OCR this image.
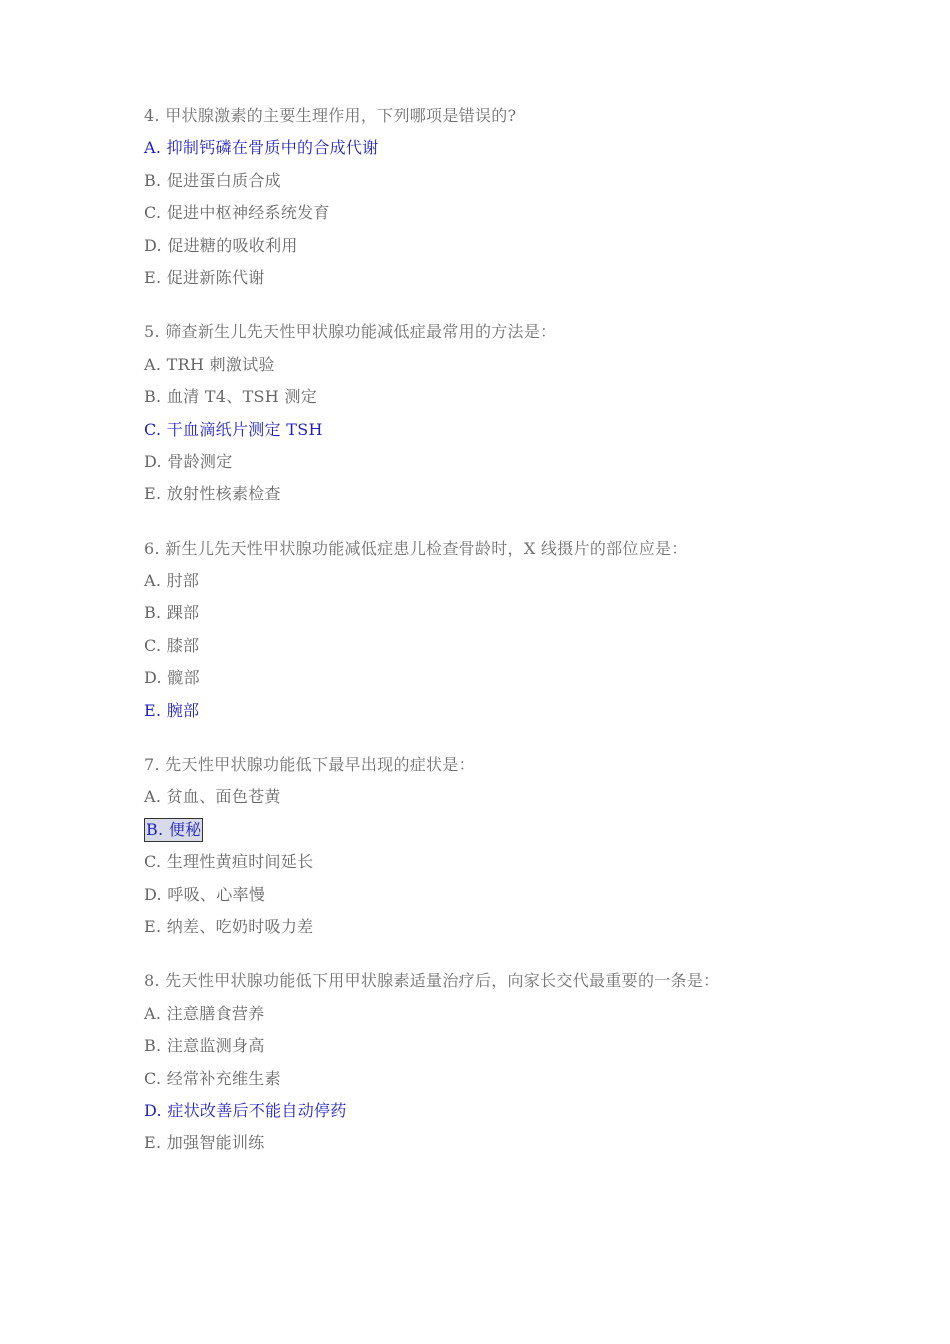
4. 甲状腺激素的主要生理作用，下列哪项是错误的?
A. 抑制钙磷在骨质中的合成代谢
B. 促进蛋白质合成
C. 促进中枢神经系统发育
D. 促进糖的吸收利用
E. 促进新陈代谢
5. 筛查新生儿先天性甲状腺功能减低症最常用的方法是：
A. TRH 刺激试验
B. 血清 T4、TSH 测定
C. 干血滴纸片测定 TSH
D. 骨龄测定
E. 放射性核素检查
6. 新生儿先天性甲状腺功能减低症患儿检查骨龄时，X 线摄片的部位应是：
A. 肘部
B. 踝部
C. 膝部
D. 髋部
E. 腕部
7. 先天性甲状腺功能低下最早出现的症状是：
A. 贫血、面色苍黄
B. 便秘
C. 生理性黄疸时间延长
D. 呼吸、心率慢
E. 纳差、吃奶时吸力差
8. 先天性甲状腺功能低下用甲状腺素适量治疗后，向家长交代最重要的一条是：
A. 注意膳食营养
B. 注意监测身高
C. 经常补充维生素
D. 症状改善后不能自动停药
E. 加强智能训练
